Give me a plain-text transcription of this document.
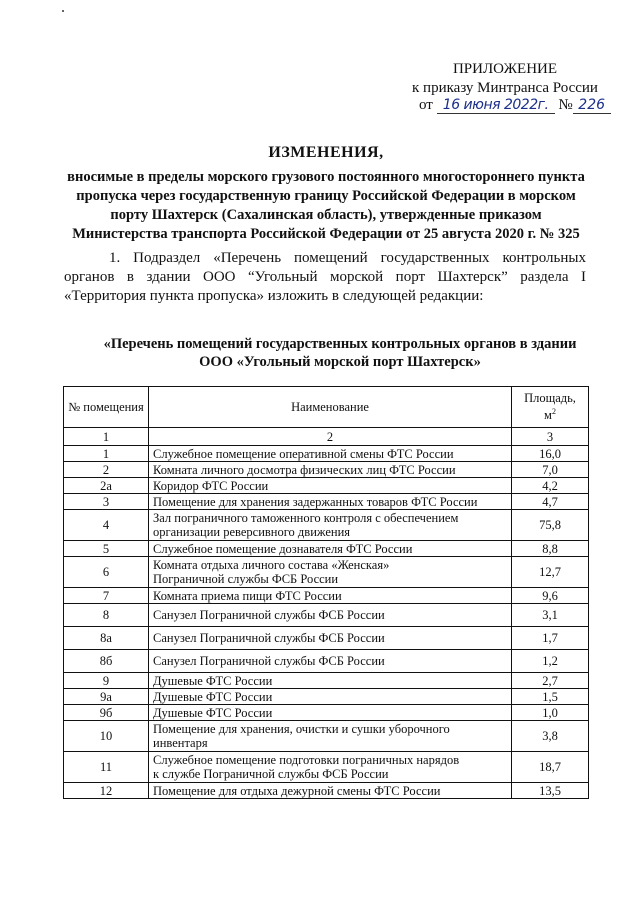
ПРИЛОЖЕНИЕ
к приказу Минтранса России
от 16 июня 2022г. № 226
ИЗМЕНЕНИЯ,
вносимые в пределы морского грузового постоянного многостороннего пункта
пропуска через государственную границу Российской Федерации в морском
порту Шахтерск (Сахалинская область), утвержденные приказом
Министерства транспорта Российской Федерации от 25 августа 2020 г. № 325
1. Подраздел «Перечень помещений государственных контрольных органов в здании ООО “Угольный морской порт Шахтерск” раздела I «Территория пункта пропуска» изложить в следующей редакции:
«Перечень помещений государственных контрольных органов в здании
ООО «Угольный морской порт Шахтерск»
№ помещения	Наименование	Площадь,
$м^2$
1	2	3
1	Служебное помещение оперативной смены ФТС России	16,0
2	Комната личного досмотра физических лиц ФТС России	7,0
2а	Коридор ФТС России	4,2
3	Помещение для хранения задержанных товаров ФТС России	4,7
4	Зал пограничного таможенного контроля с обеспечением
организации реверсивного движения	75,8
5	Служебное помещение дознавателя ФТС России	8,8
6	Комната отдыха личного состава «Женская»
Пограничной службы ФСБ России	12,7
7	Комната приема пищи ФТС России	9,6
8	Санузел Пограничной службы ФСБ России	3,1
8а	Санузел Пограничной службы ФСБ России	1,7
8б	Санузел Пограничной службы ФСБ России	1,2
9	Душевые ФТС России	2,7
9а	Душевые ФТС России	1,5
9б	Душевые ФТС России	1,0
10	Помещение для хранения, очистки и сушки уборочного
инвентаря	3,8
11	Служебное помещение подготовки пограничных нарядов
к службе Пограничной службы ФСБ России	18,7
12	Помещение для отдыха дежурной смены ФТС России	13,5
